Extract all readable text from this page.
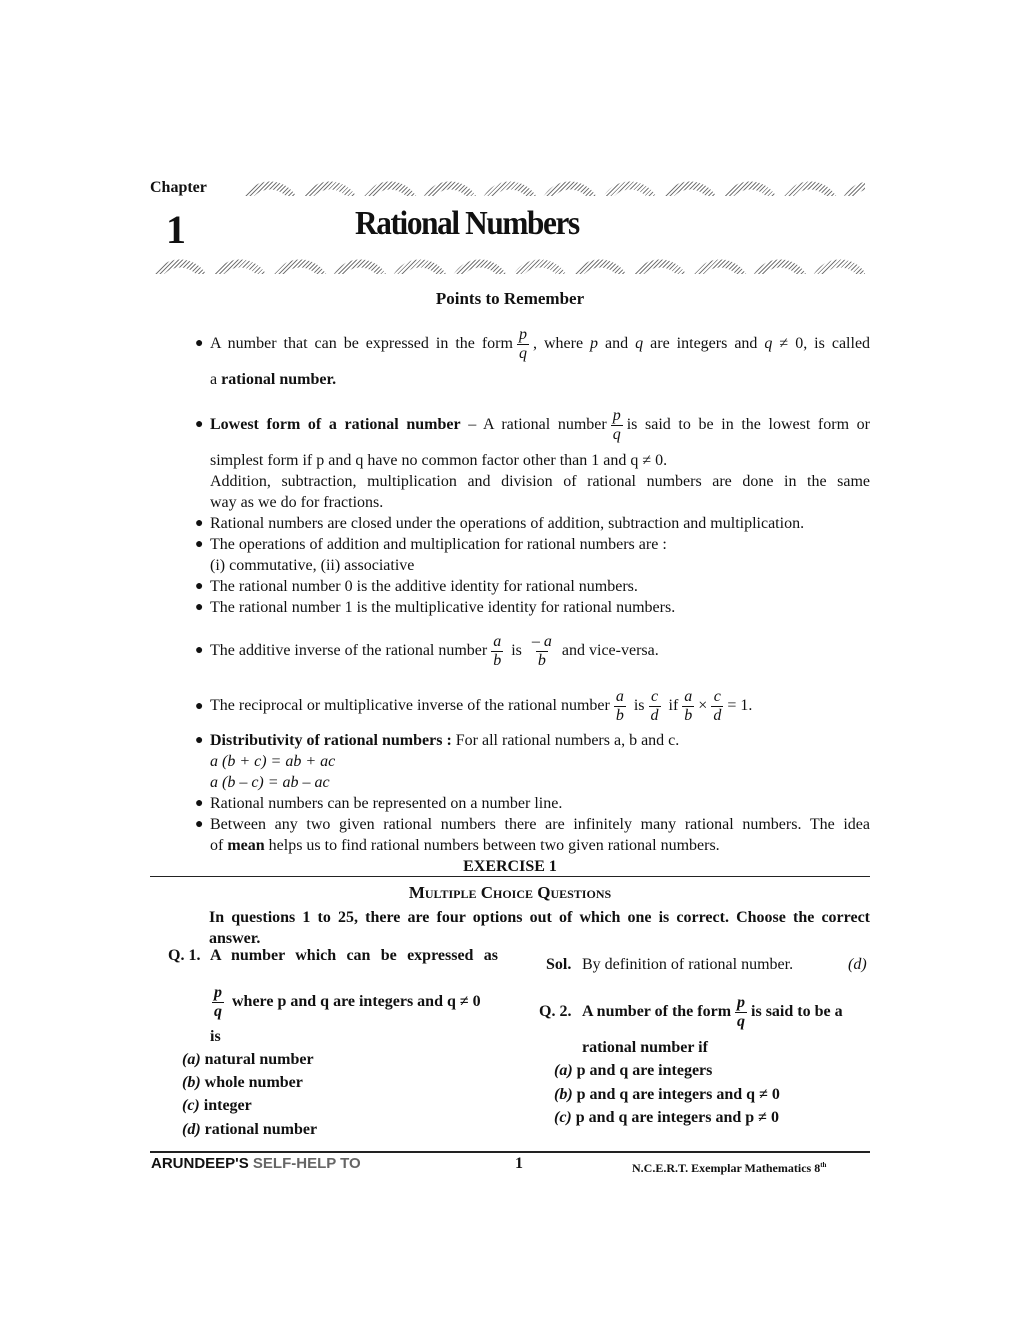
Chapter
1	Rational Numbers
Points to Remember
● A number that can be expressed in the form $\frac{p}{q}$ , where p and q are integers and q ≠ 0, is called
a rational number.
● Lowest form of a rational number – A rational number $\frac{p}{q}$ is said to be in the lowest form or
simplest form if p and q have no common factor other than 1 and q ≠ 0.
Addition, subtraction, multiplication and division of rational numbers are done in the same
way as we do for fractions.
● Rational numbers are closed under the operations of addition, subtraction and multiplication.
● The operations of addition and multiplication for rational numbers are :
(i) commutative, (ii) associative
● The rational number 0 is the additive identity for rational numbers.
● The rational number 1 is the multiplicative identity for rational numbers.
● The additive inverse of the rational number $\frac{a}{b}$ is $\frac{- a}{b}$ and vice-versa.
● The reciprocal or multiplicative inverse of the rational number $\frac{a}{b}$ is $\frac{c}{d}$ if $\frac{a}{b} \times \frac{c}{d} = 1$.
● Distributivity of rational numbers : For all rational numbers a, b and c.
a (b + c) = ab + ac
a (b – c) = ab – ac
● Rational numbers can be represented on a number line.
● Between any two given rational numbers there are infinitely many rational numbers. The idea
of mean helps us to find rational numbers between two given rational numbers.
EXERCISE 1
Multiple Choice Questions
In questions 1 to 25, there are four options out of which one is correct. Choose the correct
answer.
Q. 1. A number which can be expressed as
$\frac{p}{q}$ where p and q are integers and q ≠ 0
is
(a) natural number
(b) whole number
(c) integer
(d) rational number
Sol. By definition of rational number.	(d)
Q. 2. A number of the form $\frac{p}{q}$ is said to be a
rational number if
(a) p and q are integers
(b) p and q are integers and q ≠ 0
(c) p and q are integers and p ≠ 0
ARUNDEEP'S SELF-HELP TO	1	N.C.E.R.T. Exemplar Mathematics 8th
